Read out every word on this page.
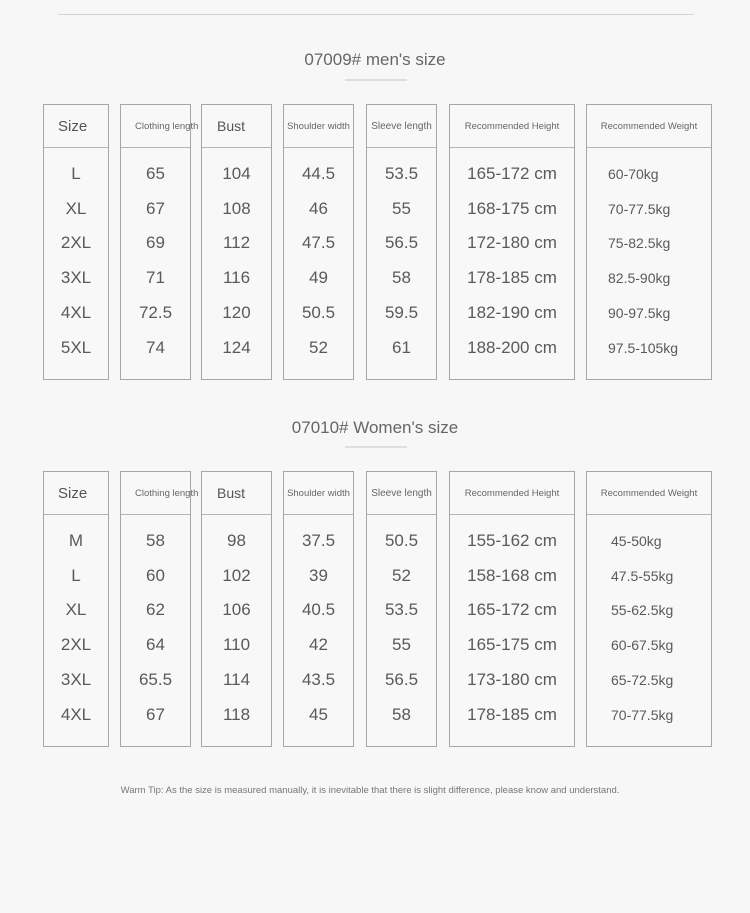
07009# men's size
Size
L
XL
2XL
3XL
4XL
5XL
Clothing length
65
67
69
71
72.5
74
Bust
104
108
112
116
120
124
Shoulder width
44.5
46
47.5
49
50.5
52
Sleeve length
53.5
55
56.5
58
59.5
61
Recommended Height
165-172 cm
168-175 cm
172-180 cm
178-185 cm
182-190 cm
188-200 cm
Recommended Weight
60-70kg
70-77.5kg
75-82.5kg
82.5-90kg
90-97.5kg
97.5-105kg
07010# Women's size
Size
M
L
XL
2XL
3XL
4XL
Clothing length
58
60
62
64
65.5
67
Bust
98
102
106
110
114
118
Shoulder width
37.5
39
40.5
42
43.5
45
Sleeve length
50.5
52
53.5
55
56.5
58
Recommended Height
155-162 cm
158-168 cm
165-172 cm
165-175 cm
173-180 cm
178-185 cm
Recommended Weight
45-50kg
47.5-55kg
55-62.5kg
60-67.5kg
65-72.5kg
70-77.5kg
Warm Tip: As the size is measured manually, it is inevitable that there is slight difference, please know and understand.
